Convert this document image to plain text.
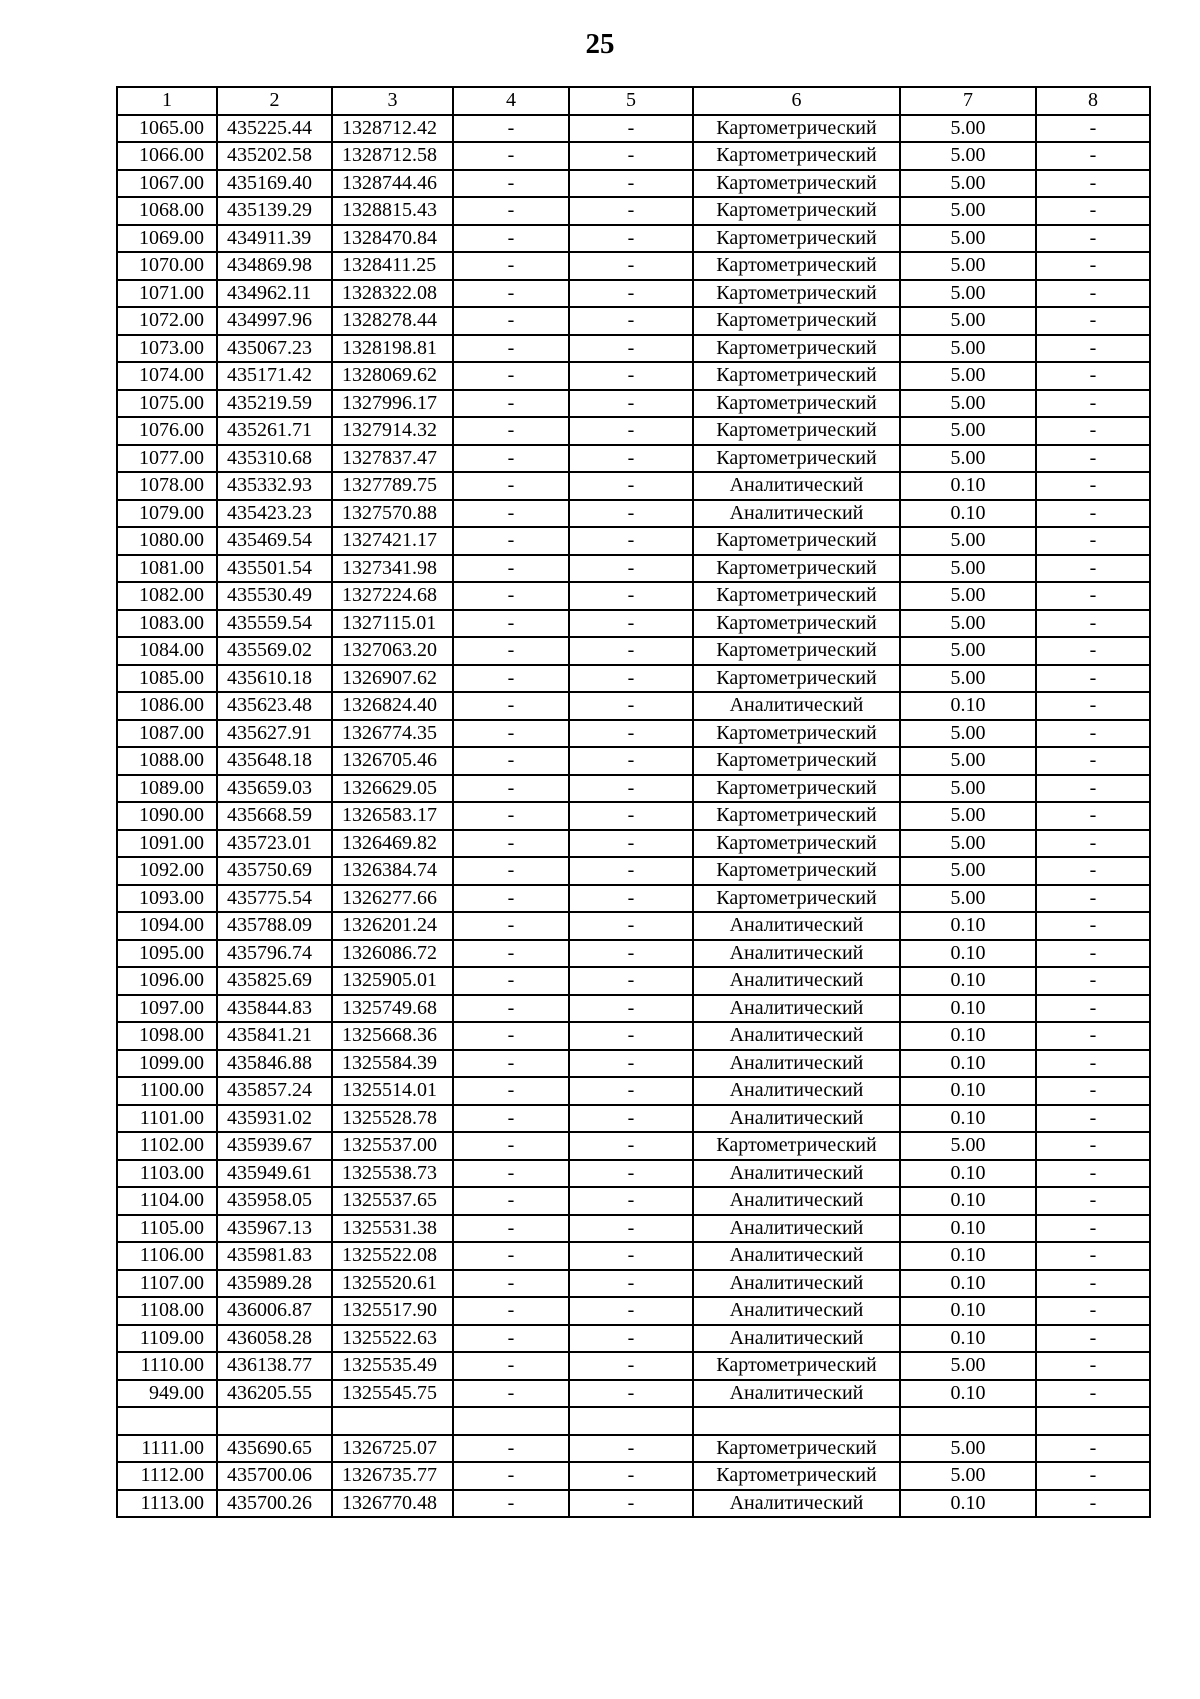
25
1	2	3	4	5	6	7	8
1065.00	435225.44	1328712.42	-	-	Картометрический	5.00	-
1066.00	435202.58	1328712.58	-	-	Картометрический	5.00	-
1067.00	435169.40	1328744.46	-	-	Картометрический	5.00	-
1068.00	435139.29	1328815.43	-	-	Картометрический	5.00	-
1069.00	434911.39	1328470.84	-	-	Картометрический	5.00	-
1070.00	434869.98	1328411.25	-	-	Картометрический	5.00	-
1071.00	434962.11	1328322.08	-	-	Картометрический	5.00	-
1072.00	434997.96	1328278.44	-	-	Картометрический	5.00	-
1073.00	435067.23	1328198.81	-	-	Картометрический	5.00	-
1074.00	435171.42	1328069.62	-	-	Картометрический	5.00	-
1075.00	435219.59	1327996.17	-	-	Картометрический	5.00	-
1076.00	435261.71	1327914.32	-	-	Картометрический	5.00	-
1077.00	435310.68	1327837.47	-	-	Картометрический	5.00	-
1078.00	435332.93	1327789.75	-	-	Аналитический	0.10	-
1079.00	435423.23	1327570.88	-	-	Аналитический	0.10	-
1080.00	435469.54	1327421.17	-	-	Картометрический	5.00	-
1081.00	435501.54	1327341.98	-	-	Картометрический	5.00	-
1082.00	435530.49	1327224.68	-	-	Картометрический	5.00	-
1083.00	435559.54	1327115.01	-	-	Картометрический	5.00	-
1084.00	435569.02	1327063.20	-	-	Картометрический	5.00	-
1085.00	435610.18	1326907.62	-	-	Картометрический	5.00	-
1086.00	435623.48	1326824.40	-	-	Аналитический	0.10	-
1087.00	435627.91	1326774.35	-	-	Картометрический	5.00	-
1088.00	435648.18	1326705.46	-	-	Картометрический	5.00	-
1089.00	435659.03	1326629.05	-	-	Картометрический	5.00	-
1090.00	435668.59	1326583.17	-	-	Картометрический	5.00	-
1091.00	435723.01	1326469.82	-	-	Картометрический	5.00	-
1092.00	435750.69	1326384.74	-	-	Картометрический	5.00	-
1093.00	435775.54	1326277.66	-	-	Картометрический	5.00	-
1094.00	435788.09	1326201.24	-	-	Аналитический	0.10	-
1095.00	435796.74	1326086.72	-	-	Аналитический	0.10	-
1096.00	435825.69	1325905.01	-	-	Аналитический	0.10	-
1097.00	435844.83	1325749.68	-	-	Аналитический	0.10	-
1098.00	435841.21	1325668.36	-	-	Аналитический	0.10	-
1099.00	435846.88	1325584.39	-	-	Аналитический	0.10	-
1100.00	435857.24	1325514.01	-	-	Аналитический	0.10	-
1101.00	435931.02	1325528.78	-	-	Аналитический	0.10	-
1102.00	435939.67	1325537.00	-	-	Картометрический	5.00	-
1103.00	435949.61	1325538.73	-	-	Аналитический	0.10	-
1104.00	435958.05	1325537.65	-	-	Аналитический	0.10	-
1105.00	435967.13	1325531.38	-	-	Аналитический	0.10	-
1106.00	435981.83	1325522.08	-	-	Аналитический	0.10	-
1107.00	435989.28	1325520.61	-	-	Аналитический	0.10	-
1108.00	436006.87	1325517.90	-	-	Аналитический	0.10	-
1109.00	436058.28	1325522.63	-	-	Аналитический	0.10	-
1110.00	436138.77	1325535.49	-	-	Картометрический	5.00	-
949.00	436205.55	1325545.75	-	-	Аналитический	0.10	-

1111.00	435690.65	1326725.07	-	-	Картометрический	5.00	-
1112.00	435700.06	1326735.77	-	-	Картометрический	5.00	-
1113.00	435700.26	1326770.48	-	-	Аналитический	0.10	-
